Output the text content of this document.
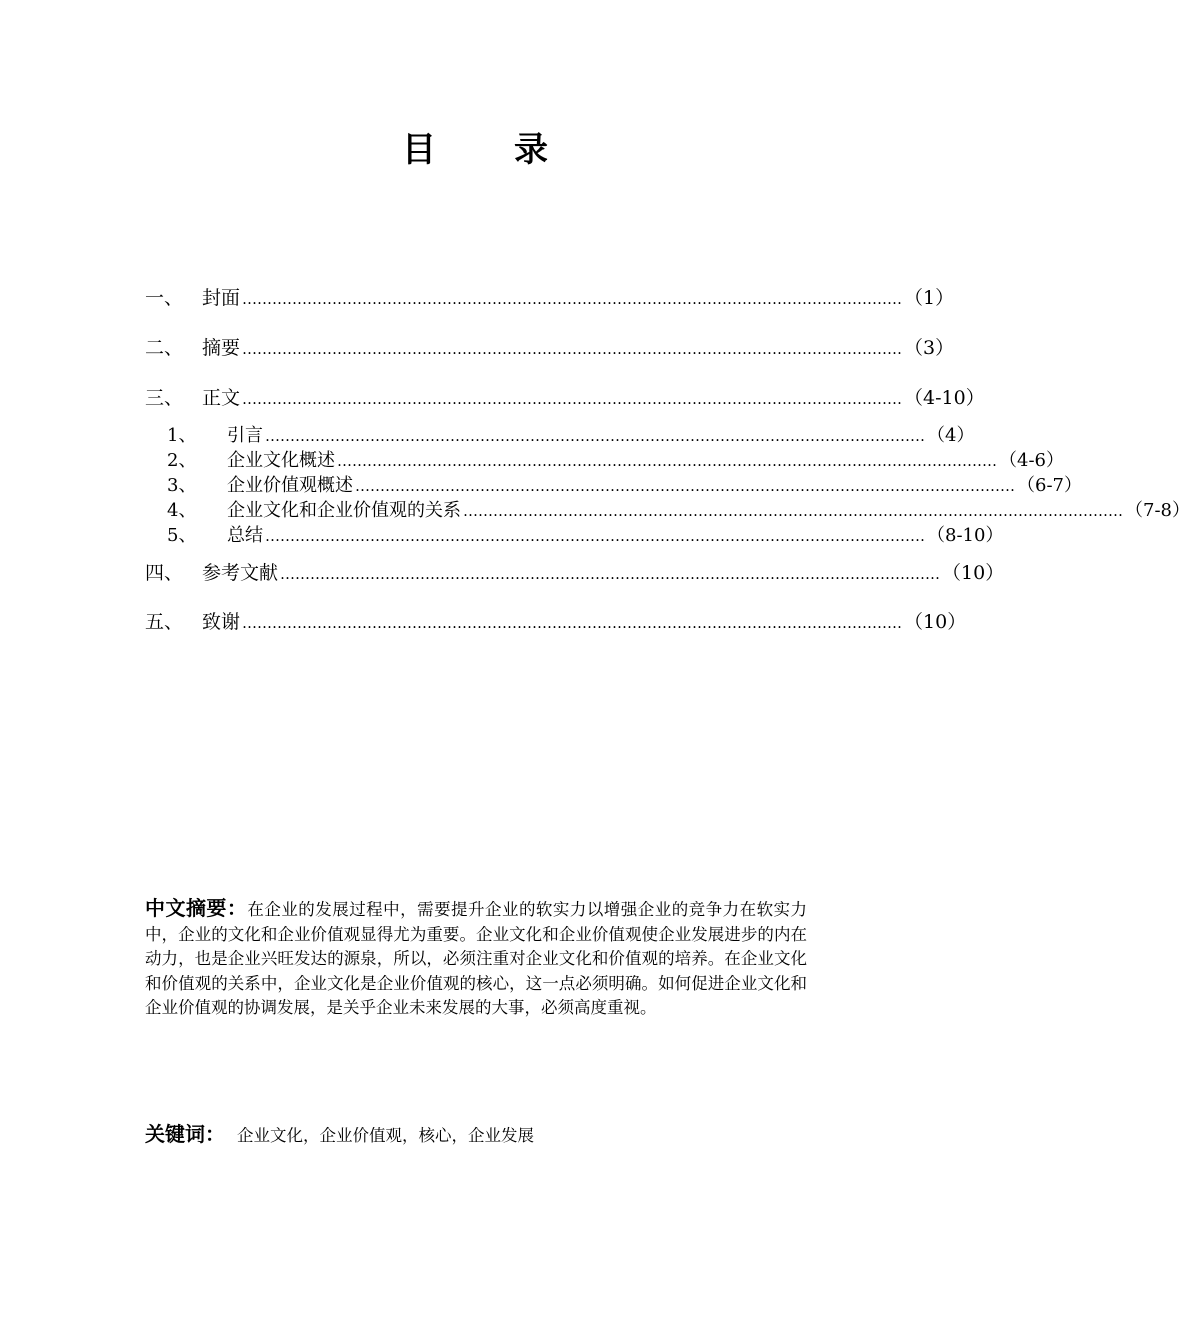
目　录
一、 封面 …………………………………………………………………………………………………………………… （1）
二、 摘要 …………………………………………………………………………………………………………………… （3）
三、 正文 …………………………………………………………………………………………………………………… （4-10）
1、	引言 …………………………………………………………………………………………………………………… （4）
2、	企业文化概述 …………………………………………………………………………………………………………………… （4-6）
3、	企业价值观概述 …………………………………………………………………………………………………………………… （6-7）
4、	企业文化和企业价值观的关系 …………………………………………………………………………………………………………………… （7-8）
5、	总结 …………………………………………………………………………………………………………………… （8-10）
四、 参考文献 …………………………………………………………………………………………………………………… （10）
五、 致谢 …………………………………………………………………………………………………………………… （10）
中文摘要：在企业的发展过程中，需要提升企业的软实力以增强企业的竞争力在软实力中，企业的文化和企业价值观显得尤为重要。企业文化和企业价值观使企业发展进步的内在动力，也是企业兴旺发达的源泉，所以，必须注重对企业文化和价值观的培养。在企业文化和价值观的关系中，企业文化是企业价值观的核心，这一点必须明确。如何促进企业文化和企业价值观的协调发展，是关乎企业未来发展的大事，必须高度重视。
关键词： 企业文化，企业价值观，核心，企业发展
